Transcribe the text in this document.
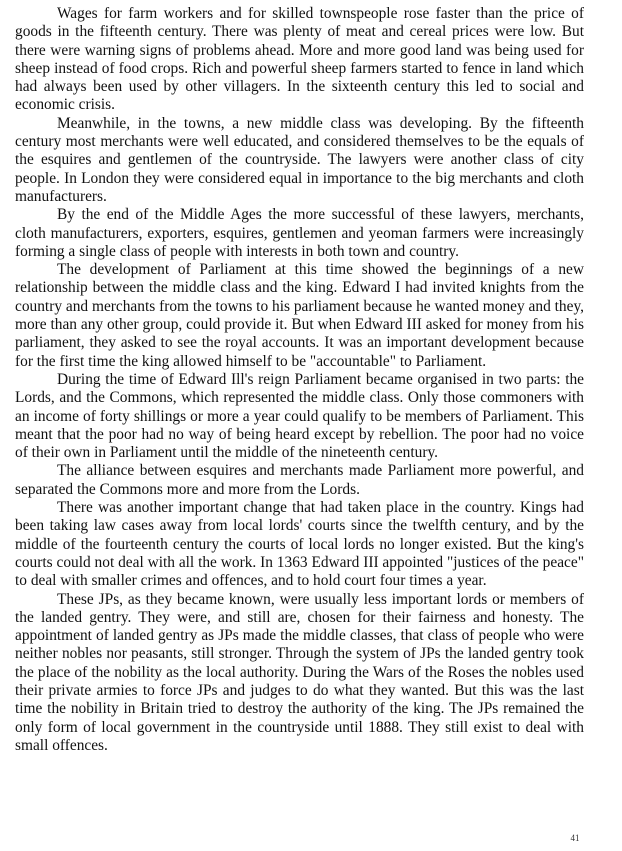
Wages for farm workers and for skilled townspeople rose faster than the price of goods in the fifteenth century. There was plenty of meat and cereal prices were low. But there were warning signs of problems ahead. More and more good land was being used for sheep instead of food crops. Rich and powerful sheep farmers started to fence in land which had always been used by other villagers. In the sixteenth century this led to social and economic crisis.

Meanwhile, in the towns, a new middle class was developing. By the fifteenth century most merchants were well educated, and considered themselves to be the equals of the esquires and gentlemen of the countryside. The lawyers were another class of city people. In London they were considered equal in importance to the big merchants and cloth manufacturers.

By the end of the Middle Ages the more successful of these lawyers, merchants, cloth manufacturers, exporters, esquires, gentlemen and yeoman farmers were increasingly forming a single class of people with interests in both town and country.

The development of Parliament at this time showed the beginnings of a new relationship between the middle class and the king. Edward I had invited knights from the country and merchants from the towns to his parliament because he wanted money and they, more than any other group, could provide it. But when Edward III asked for money from his parliament, they asked to see the royal accounts. It was an important development because for the first time the king allowed himself to be "accountable" to Parliament.

During the time of Edward Ill's reign Parliament became organised in two parts: the Lords, and the Commons, which represented the middle class. Only those commoners with an income of forty shillings or more a year could qualify to be members of Parliament. This meant that the poor had no way of being heard except by rebellion. The poor had no voice of their own in Parliament until the middle of the nineteenth century.

The alliance between esquires and merchants made Parliament more powerful, and separated the Commons more and more from the Lords.

There was another important change that had taken place in the country. Kings had been taking law cases away from local lords' courts since the twelfth century, and by the middle of the fourteenth century the courts of local lords no longer existed. But the king's courts could not deal with all the work. In 1363 Edward III appointed "justices of the peace" to deal with smaller crimes and offences, and to hold court four times a year.

These JPs, as they became known, were usually less important lords or members of the landed gentry. They were, and still are, chosen for their fairness and honesty. The appointment of landed gentry as JPs made the middle classes, that class of people who were neither nobles nor peasants, still stronger. Through the system of JPs the landed gentry took the place of the nobility as the local authority. During the Wars of the Roses the nobles used their private armies to force JPs and judges to do what they wanted. But this was the last time the nobility in Britain tried to destroy the authority of the king. The JPs remained the only form of local government in the countryside until 1888. They still exist to deal with small offences.

41
